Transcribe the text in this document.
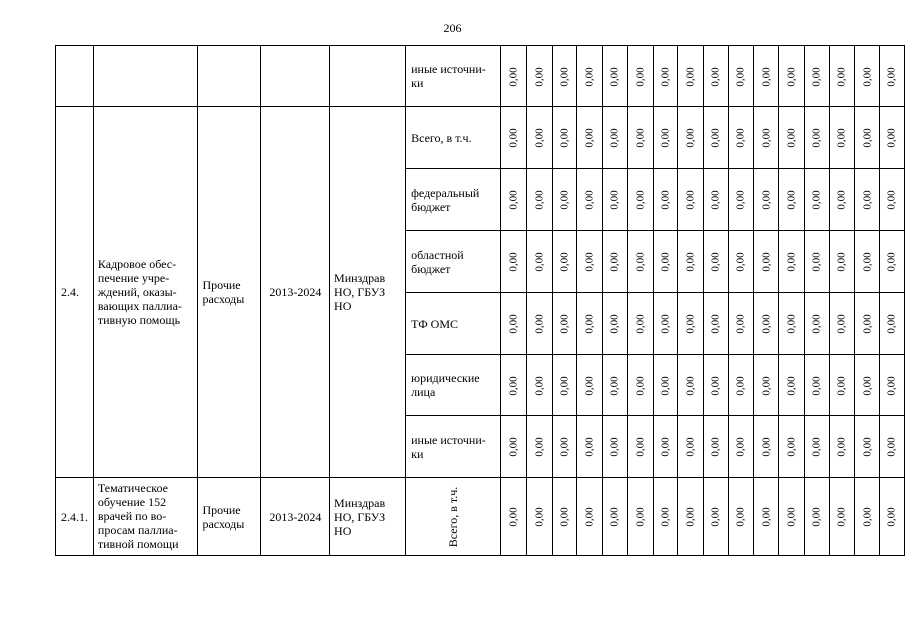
206
					иные источни-ки	0,00	0,00	0,00	0,00	0,00	0,00	0,00	0,00	0,00	0,00	0,00	0,00	0,00	0,00	0,00	0,00
2.4.	Кадровое обес-печение учре-ждений, оказы-вающих паллиа-тивную помощь	Прочие расходы	2013-2024	Минздрав НО, ГБУЗ НО	Всего, в т.ч.	0,00	0,00	0,00	0,00	0,00	0,00	0,00	0,00	0,00	0,00	0,00	0,00	0,00	0,00	0,00	0,00
					федеральный бюджет	0,00	0,00	0,00	0,00	0,00	0,00	0,00	0,00	0,00	0,00	0,00	0,00	0,00	0,00	0,00	0,00
					областной бюджет	0,00	0,00	0,00	0,00	0,00	0,00	0,00	0,00	0,00	0,00	0,00	0,00	0,00	0,00	0,00	0,00
					ТФ ОМС	0,00	0,00	0,00	0,00	0,00	0,00	0,00	0,00	0,00	0,00	0,00	0,00	0,00	0,00	0,00	0,00
					юридические лица	0,00	0,00	0,00	0,00	0,00	0,00	0,00	0,00	0,00	0,00	0,00	0,00	0,00	0,00	0,00	0,00
					иные источни-ки	0,00	0,00	0,00	0,00	0,00	0,00	0,00	0,00	0,00	0,00	0,00	0,00	0,00	0,00	0,00	0,00
2.4.1.	Тематическое обучение 152 врачей по во-просам паллиа-тивной помощи	Прочие расходы	2013-2024	Минздрав НО, ГБУЗ НО	Всего, в т.ч.	0,00	0,00	0,00	0,00	0,00	0,00	0,00	0,00	0,00	0,00	0,00	0,00	0,00	0,00	0,00	0,00
